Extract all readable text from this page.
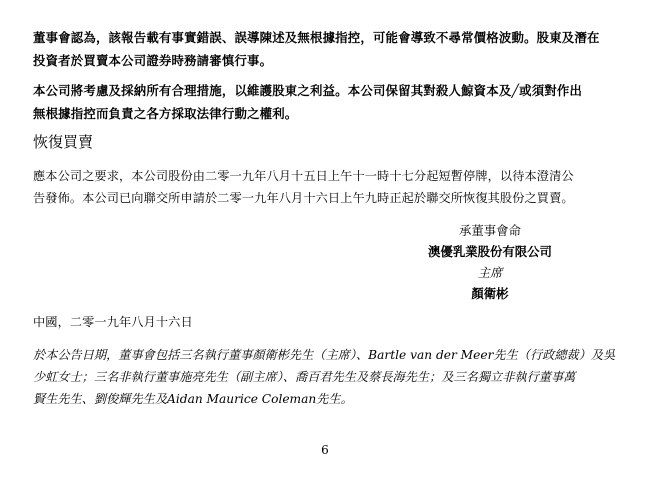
董事會認為，該報告載有事實錯誤、誤導陳述及無根據指控，可能會導致不尋常價格波動。股東及潛在
投資者於買賣本公司證券時務請審慎行事。
本公司將考慮及採納所有合理措施，以維護股東之利益。本公司保留其對殺人鯨資本及╱或須對作出
無根據指控而負責之各方採取法律行動之權利。
恢復買賣
應本公司之要求，本公司股份由二零一九年八月十五日上午十一時十七分起短暫停牌，以待本澄清公
告發佈。本公司已向聯交所申請於二零一九年八月十六日上午九時正起於聯交所恢復其股份之買賣。
承董事會命
澳優乳業股份有限公司
主席
顏衛彬
中國，二零一九年八月十六日
於本公告日期，董事會包括三名執行董事顏衛彬先生（主席）、Bartle van der Meer先生（行政總裁）及吳
少虹女士；三名非執行董事施亮先生（副主席）、喬百君先生及蔡長海先生；及三名獨立非執行董事萬
賢生先生、劉俊輝先生及Aidan Maurice Coleman先生。
6
